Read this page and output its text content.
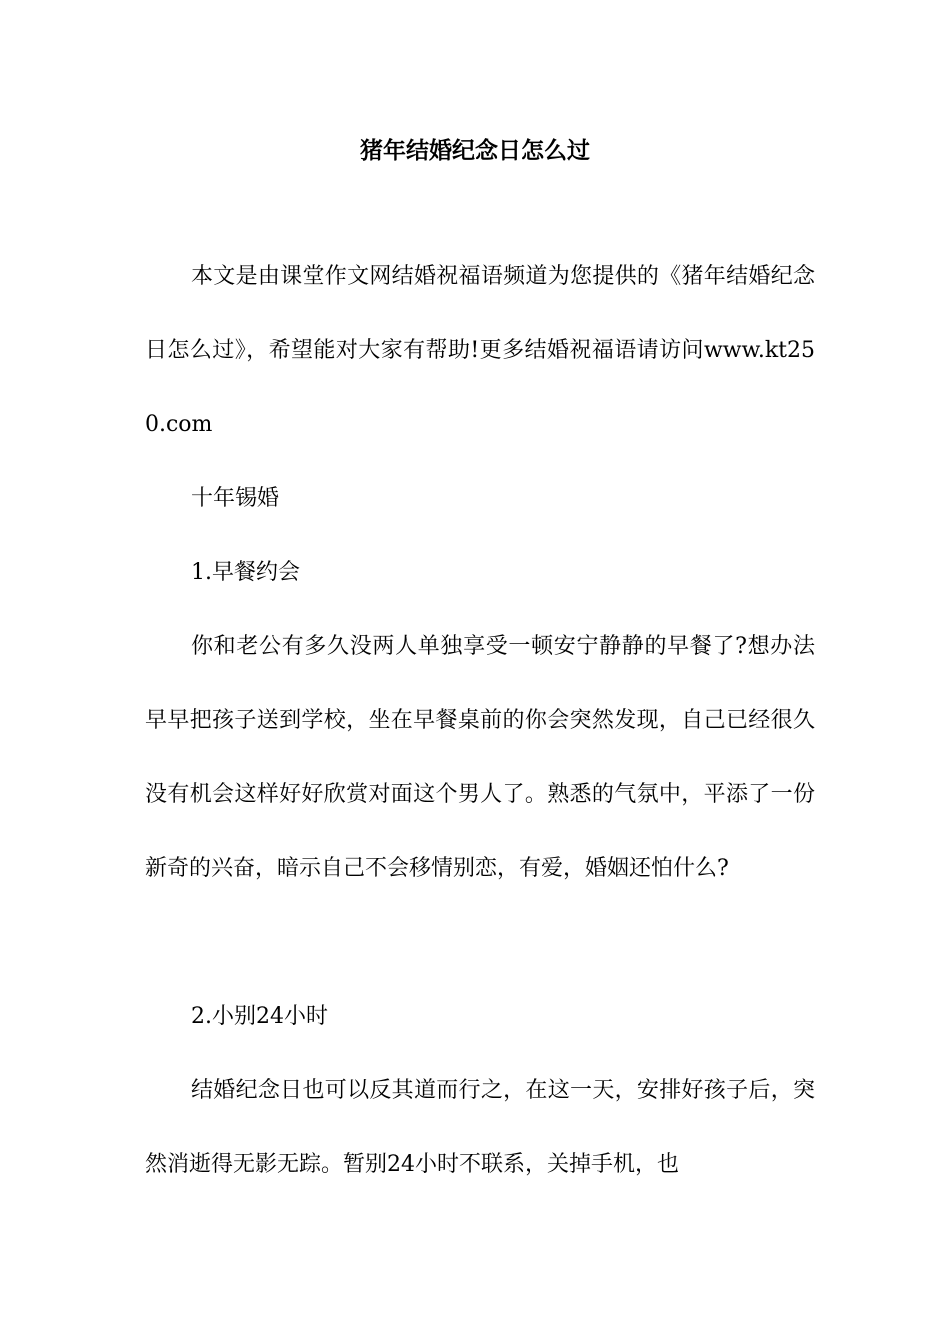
猪年结婚纪念日怎么过

本文是由课堂作文网结婚祝福语频道为您提供的《猪年结婚纪念日怎么过》，希望能对大家有帮助!更多结婚祝福语请访问www.kt250.com

十年锡婚

1.早餐约会

你和老公有多久没两人单独享受一顿安宁静静的早餐了?想办法早早把孩子送到学校，坐在早餐桌前的你会突然发现，自己已经很久没有机会这样好好欣赏对面这个男人了。熟悉的气氛中，平添了一份新奇的兴奋，暗示自己不会移情别恋，有爱，婚姻还怕什么?

2.小别24小时

结婚纪念日也可以反其道而行之，在这一天，安排好孩子后，突然消逝得无影无踪。暂别24小时不联系，关掉手机，也
